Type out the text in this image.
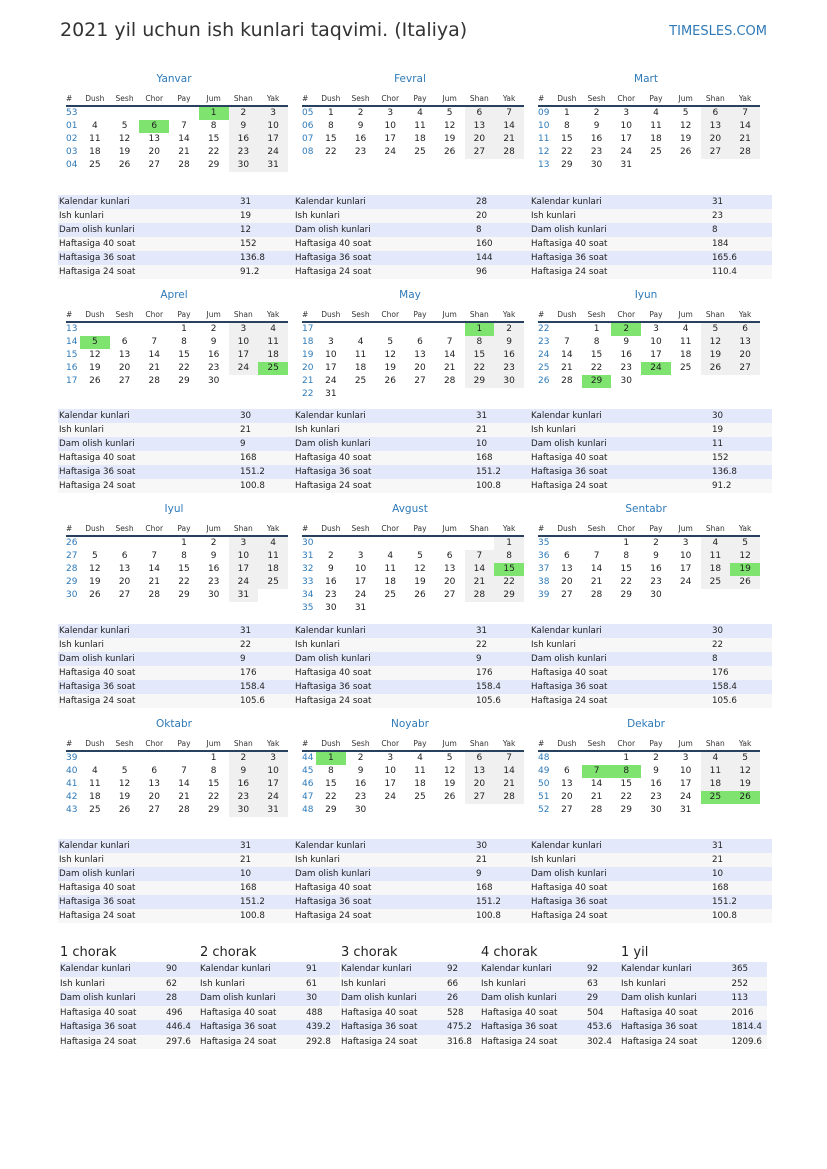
2021 yil uchun ish kunlari taqvimi. (Italiya)	TIMESLES.COM
Yanvar
#	Dush	Sesh	Chor	Pay	Jum	Shan	Yak
53					1	2	3
01	4	5	6	7	8	9	10
02	11	12	13	14	15	16	17
03	18	19	20	21	22	23	24
04	25	26	27	28	29	30	31
Kalendar kunlari	31
Ish kunlari	19
Dam olish kunlari	12
Haftasiga 40 soat	152
Haftasiga 36 soat	136.8
Haftasiga 24 soat	91.2
Fevral
#	Dush	Sesh	Chor	Pay	Jum	Shan	Yak
05	1	2	3	4	5	6	7
06	8	9	10	11	12	13	14
07	15	16	17	18	19	20	21
08	22	23	24	25	26	27	28
Kalendar kunlari	28
Ish kunlari	20
Dam olish kunlari	8
Haftasiga 40 soat	160
Haftasiga 36 soat	144
Haftasiga 24 soat	96
Mart
#	Dush	Sesh	Chor	Pay	Jum	Shan	Yak
09	1	2	3	4	5	6	7
10	8	9	10	11	12	13	14
11	15	16	17	18	19	20	21
12	22	23	24	25	26	27	28
13	29	30	31				
Kalendar kunlari	31
Ish kunlari	23
Dam olish kunlari	8
Haftasiga 40 soat	184
Haftasiga 36 soat	165.6
Haftasiga 24 soat	110.4
Aprel
#	Dush	Sesh	Chor	Pay	Jum	Shan	Yak
13				1	2	3	4
14	5	6	7	8	9	10	11
15	12	13	14	15	16	17	18
16	19	20	21	22	23	24	25
17	26	27	28	29	30		
Kalendar kunlari	30
Ish kunlari	21
Dam olish kunlari	9
Haftasiga 40 soat	168
Haftasiga 36 soat	151.2
Haftasiga 24 soat	100.8
May
#	Dush	Sesh	Chor	Pay	Jum	Shan	Yak
17						1	2
18	3	4	5	6	7	8	9
19	10	11	12	13	14	15	16
20	17	18	19	20	21	22	23
21	24	25	26	27	28	29	30
22	31						
Kalendar kunlari	31
Ish kunlari	21
Dam olish kunlari	10
Haftasiga 40 soat	168
Haftasiga 36 soat	151.2
Haftasiga 24 soat	100.8
Iyun
#	Dush	Sesh	Chor	Pay	Jum	Shan	Yak
22		1	2	3	4	5	6
23	7	8	9	10	11	12	13
24	14	15	16	17	18	19	20
25	21	22	23	24	25	26	27
26	28	29	30				
Kalendar kunlari	30
Ish kunlari	19
Dam olish kunlari	11
Haftasiga 40 soat	152
Haftasiga 36 soat	136.8
Haftasiga 24 soat	91.2
Iyul
#	Dush	Sesh	Chor	Pay	Jum	Shan	Yak
26				1	2	3	4
27	5	6	7	8	9	10	11
28	12	13	14	15	16	17	18
29	19	20	21	22	23	24	25
30	26	27	28	29	30	31	
Kalendar kunlari	31
Ish kunlari	22
Dam olish kunlari	9
Haftasiga 40 soat	176
Haftasiga 36 soat	158.4
Haftasiga 24 soat	105.6
Avgust
#	Dush	Sesh	Chor	Pay	Jum	Shan	Yak
30							1
31	2	3	4	5	6	7	8
32	9	10	11	12	13	14	15
33	16	17	18	19	20	21	22
34	23	24	25	26	27	28	29
35	30	31					
Kalendar kunlari	31
Ish kunlari	22
Dam olish kunlari	9
Haftasiga 40 soat	176
Haftasiga 36 soat	158.4
Haftasiga 24 soat	105.6
Sentabr
#	Dush	Sesh	Chor	Pay	Jum	Shan	Yak
35			1	2	3	4	5
36	6	7	8	9	10	11	12
37	13	14	15	16	17	18	19
38	20	21	22	23	24	25	26
39	27	28	29	30			
Kalendar kunlari	30
Ish kunlari	22
Dam olish kunlari	8
Haftasiga 40 soat	176
Haftasiga 36 soat	158.4
Haftasiga 24 soat	105.6
Oktabr
#	Dush	Sesh	Chor	Pay	Jum	Shan	Yak
39					1	2	3
40	4	5	6	7	8	9	10
41	11	12	13	14	15	16	17
42	18	19	20	21	22	23	24
43	25	26	27	28	29	30	31
Kalendar kunlari	31
Ish kunlari	21
Dam olish kunlari	10
Haftasiga 40 soat	168
Haftasiga 36 soat	151.2
Haftasiga 24 soat	100.8
Noyabr
#	Dush	Sesh	Chor	Pay	Jum	Shan	Yak
44	1	2	3	4	5	6	7
45	8	9	10	11	12	13	14
46	15	16	17	18	19	20	21
47	22	23	24	25	26	27	28
48	29	30					
Kalendar kunlari	30
Ish kunlari	21
Dam olish kunlari	9
Haftasiga 40 soat	168
Haftasiga 36 soat	151.2
Haftasiga 24 soat	100.8
Dekabr
#	Dush	Sesh	Chor	Pay	Jum	Shan	Yak
48			1	2	3	4	5
49	6	7	8	9	10	11	12
50	13	14	15	16	17	18	19
51	20	21	22	23	24	25	26
52	27	28	29	30	31		
Kalendar kunlari	31
Ish kunlari	21
Dam olish kunlari	10
Haftasiga 40 soat	168
Haftasiga 36 soat	151.2
Haftasiga 24 soat	100.8
1 chorak
Kalendar kunlari	90
Ish kunlari	62
Dam olish kunlari	28
Haftasiga 40 soat	496
Haftasiga 36 soat	446.4
Haftasiga 24 soat	297.6
2 chorak
Kalendar kunlari	91
Ish kunlari	61
Dam olish kunlari	30
Haftasiga 40 soat	488
Haftasiga 36 soat	439.2
Haftasiga 24 soat	292.8
3 chorak
Kalendar kunlari	92
Ish kunlari	66
Dam olish kunlari	26
Haftasiga 40 soat	528
Haftasiga 36 soat	475.2
Haftasiga 24 soat	316.8
4 chorak
Kalendar kunlari	92
Ish kunlari	63
Dam olish kunlari	29
Haftasiga 40 soat	504
Haftasiga 36 soat	453.6
Haftasiga 24 soat	302.4
1 yil
Kalendar kunlari	365
Ish kunlari	252
Dam olish kunlari	113
Haftasiga 40 soat	2016
Haftasiga 36 soat	1814.4
Haftasiga 24 soat	1209.6
